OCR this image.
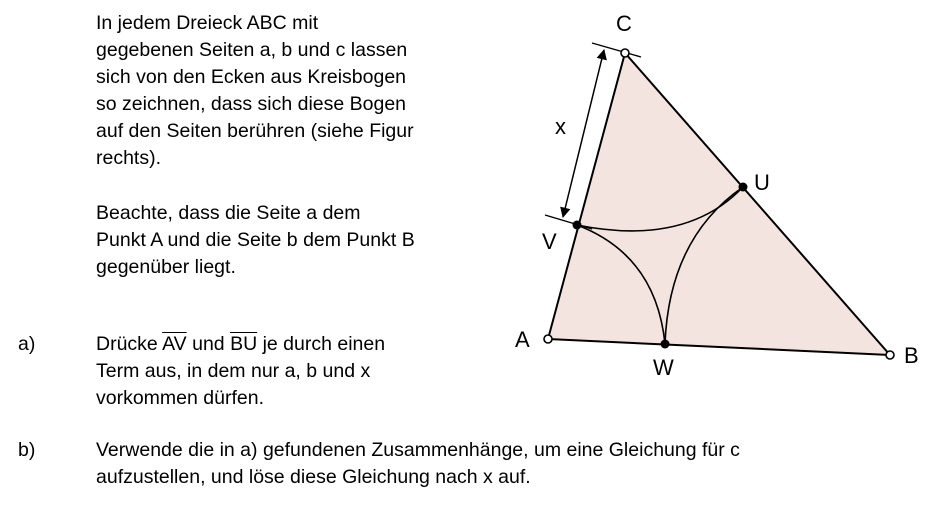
In jedem Dreieck ABC mit
gegebenen Seiten a, b und c lassen
sich von den Ecken aus Kreisbogen
so zeichnen, dass sich diese Bogen
auf den Seiten berühren (siehe Figur
rechts).
Beachte, dass die Seite a dem
Punkt A und die Seite b dem Punkt B
gegenüber liegt.
a)	Drücke $\overline{AV}$ und $\overline{BU}$ je durch einen
Term aus, in dem nur a, b und x
vorkommen dürfen.
b)	Verwende die in a) gefundenen Zusammenhänge, um eine Gleichung für c
aufzustellen, und löse diese Gleichung nach x auf.
C
U
V
A
W	B
x
